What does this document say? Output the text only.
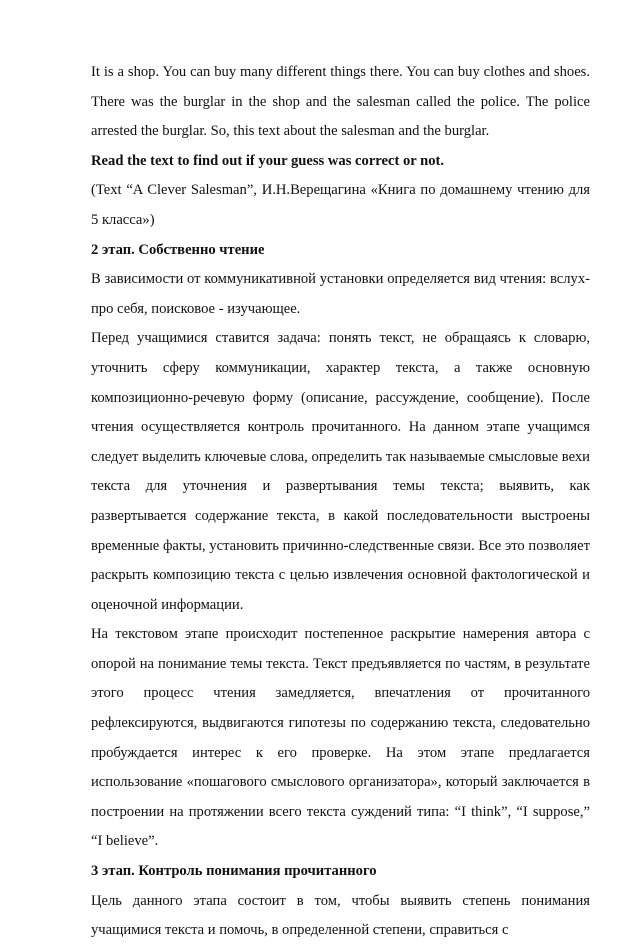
It is a shop. You can buy many different things there. You can buy clothes and shoes. There was the burglar in the shop and the salesman called the police. The police arrested the burglar. So, this text about the salesman and the burglar.

Read the text to find out if your guess was correct or not.

(Text “A Clever Salesman”, И.Н.Верещагина «Книга по домашнему чтению для 5 класса»)

2 этап. Собственно чтение

В зависимости от коммуникативной установки определяется вид чтения: вслух- про себя, поисковое - изучающее.

Перед учащимися ставится задача: понять текст, не обращаясь к словарю, уточнить сферу коммуникации, характер текста, а также основную композиционно-речевую форму (описание, рассуждение, сообщение). После чтения осуществляется контроль прочитанного. На данном этапе учащимся следует выделить ключевые слова, определить так называемые смысловые вехи текста для уточнения и развертывания темы текста; выявить, как развертывается содержание текста, в какой последовательности выстроены временные факты, установить причинно-следственные связи. Все это позволяет раскрыть композицию текста с целью извлечения основной фактологической и оценочной информации.

На текстовом этапе происходит постепенное раскрытие намерения автора с опорой на понимание темы текста. Текст предъявляется по частям, в результате этого процесс чтения замедляется, впечатления от прочитанного рефлексируются, выдвигаются гипотезы по содержанию текста, следовательно пробуждается интерес к его проверке. На этом этапе предлагается использование «пошагового смыслового организатора», который заключается в построении на протяжении всего текста суждений типа: “I think”, “I suppose,” “I believe”.

3 этап. Контроль понимания прочитанного

Цель данного этапа состоит в том, чтобы выявить степень понимания учащимися текста и помочь, в определенной степени, справиться с
